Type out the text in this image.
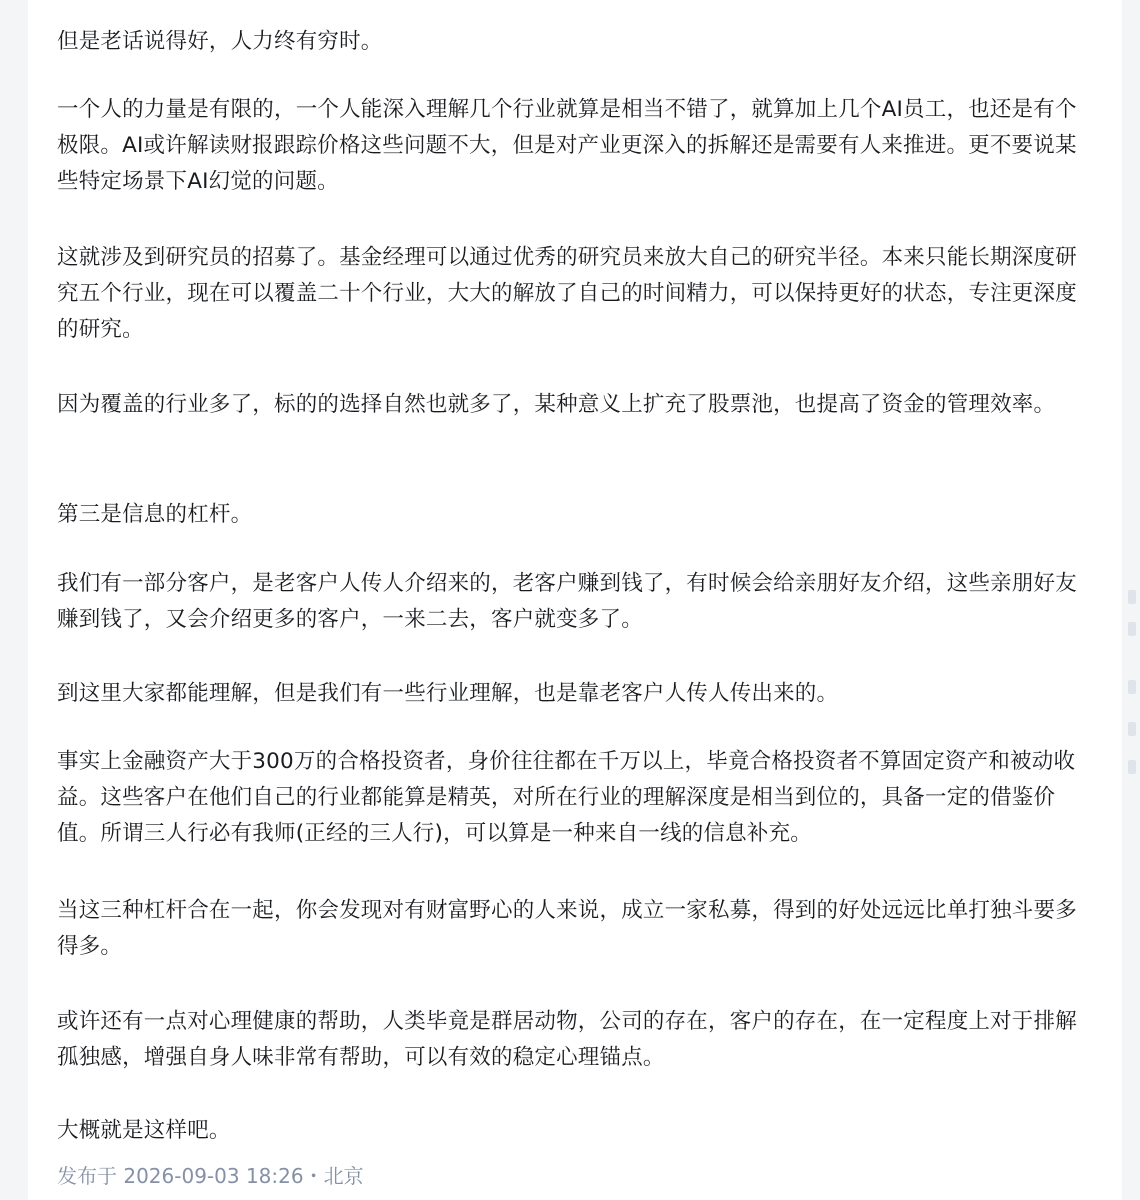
但是老话说得好，人力终有穷时。

一个人的力量是有限的，一个人能深入理解几个行业就算是相当不错了，就算加上几个AI员工，也还是有个极限。AI或许解读财报跟踪价格这些问题不大，但是对产业更深入的拆解还是需要有人来推进。更不要说某些特定场景下AI幻觉的问题。

这就涉及到研究员的招募了。基金经理可以通过优秀的研究员来放大自己的研究半径。本来只能长期深度研究五个行业，现在可以覆盖二十个行业，大大的解放了自己的时间精力，可以保持更好的状态，专注更深度的研究。

因为覆盖的行业多了，标的的选择自然也就多了，某种意义上扩充了股票池，也提高了资金的管理效率。

第三是信息的杠杆。

我们有一部分客户，是老客户人传人介绍来的，老客户赚到钱了，有时候会给亲朋好友介绍，这些亲朋好友赚到钱了，又会介绍更多的客户，一来二去，客户就变多了。

到这里大家都能理解，但是我们有一些行业理解，也是靠老客户人传人传出来的。

事实上金融资产大于300万的合格投资者，身价往往都在千万以上，毕竟合格投资者不算固定资产和被动收益。这些客户在他们自己的行业都能算是精英，对所在行业的理解深度是相当到位的，具备一定的借鉴价值。所谓三人行必有我师(正经的三人行)，可以算是一种来自一线的信息补充。

当这三种杠杆合在一起，你会发现对有财富野心的人来说，成立一家私募，得到的好处远远比单打独斗要多得多。

或许还有一点对心理健康的帮助，人类毕竟是群居动物，公司的存在，客户的存在，在一定程度上对于排解孤独感，增强自身人味非常有帮助，可以有效的稳定心理锚点。

大概就是这样吧。

发布于 2026-09-03 18:26・北京
